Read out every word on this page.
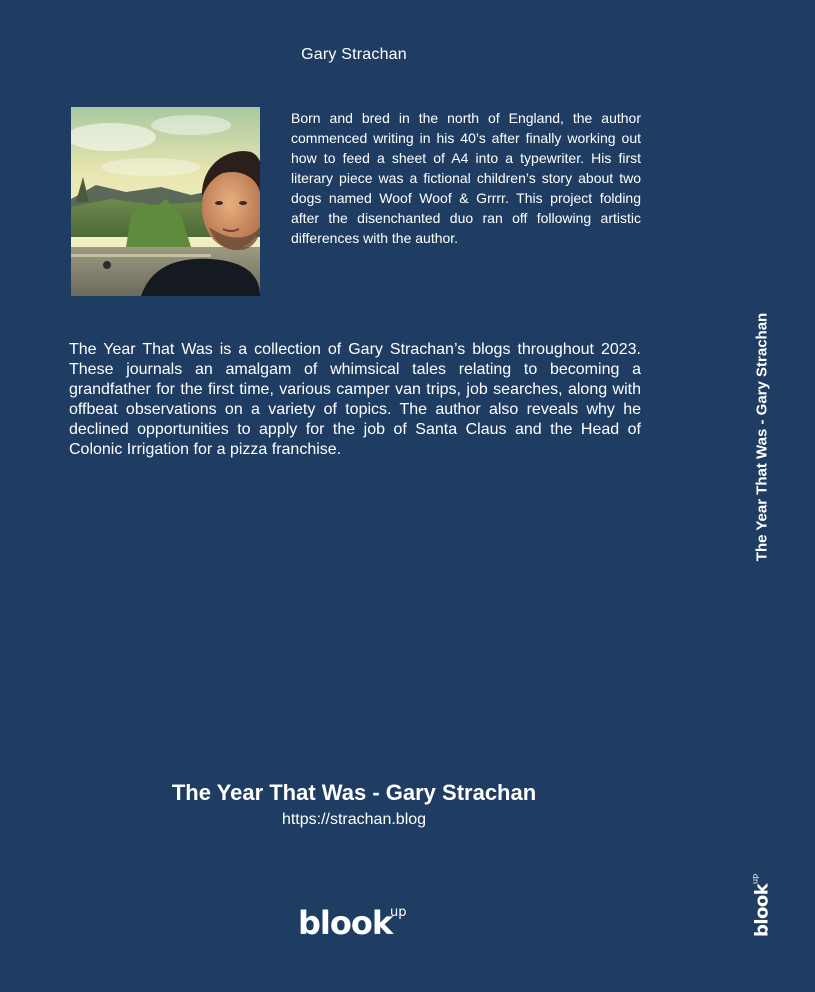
Gary Strachan

Born and bred in the north of England, the author commenced writing in his 40’s after finally working out how to feed a sheet of A4 into a typewriter. His first literary piece was a fictional children’s story about two dogs named Woof Woof & Grrrr. This project folding after the disenchanted duo ran off following artistic differences with the author.

The Year That Was is a collection of Gary Strachan’s blogs throughout 2023. These journals an amalgam of whimsical tales relating to becoming a grandfather for the first time, various camper van trips, job searches, along with offbeat observations on a variety of topics. The author also reveals why he declined opportunities to apply for the job of Santa Claus and the Head of Colonic Irrigation for a pizza franchise.	The Year That Was - Gary Strachan
The Year That Was - Gary Strachan
https://strachan.blog
blook
up	blook
up
